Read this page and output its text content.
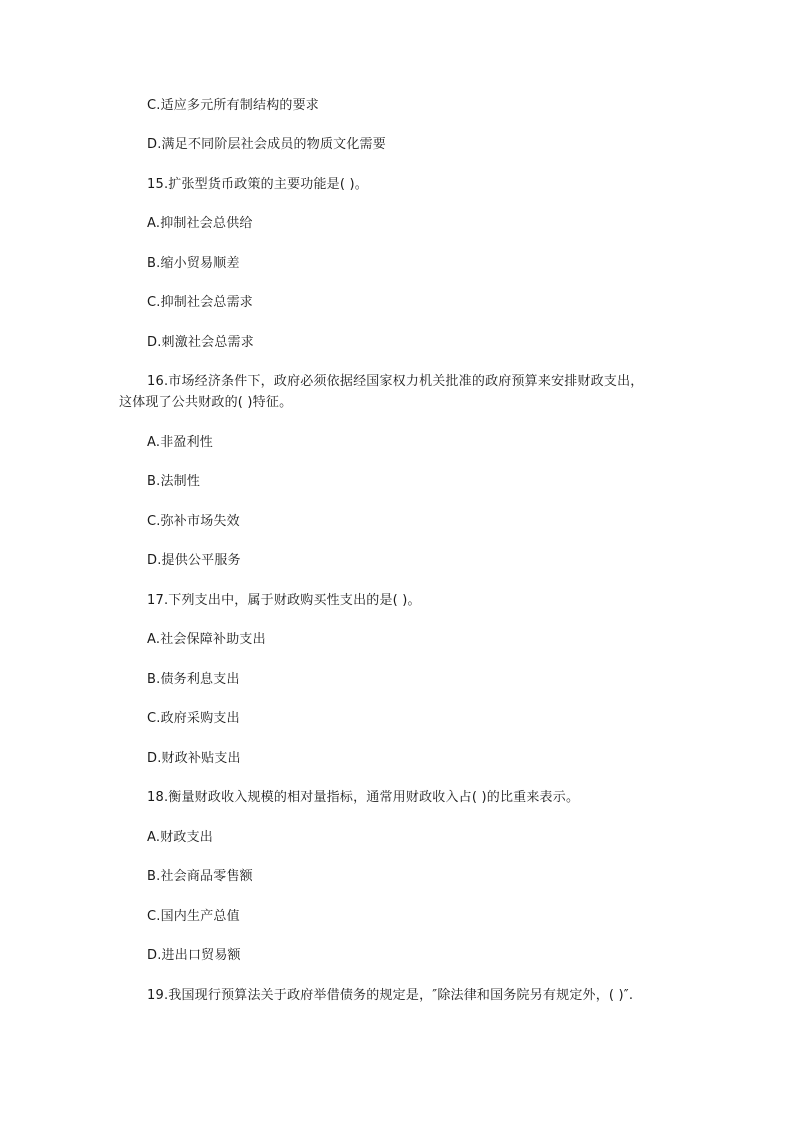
C.适应多元所有制结构的要求
D.满足不同阶层社会成员的物质文化需要
15.扩张型货币政策的主要功能是( )。
A.抑制社会总供给
B.缩小贸易顺差
C.抑制社会总需求
D.刺激社会总需求
16.市场经济条件下，政府必须依据经国家权力机关批准的政府预算来安排财政支出，
这体现了公共财政的( )特征。
A.非盈利性
B.法制性
C.弥补市场失效
D.提供公平服务
17.下列支出中，属于财政购买性支出的是( )。
A.社会保障补助支出
B.债务利息支出
C.政府采购支出
D.财政补贴支出
18.衡量财政收入规模的相对量指标，通常用财政收入占( )的比重来表示。
A.财政支出
B.社会商品零售额
C.国内生产总值
D.进出口贸易额
19.我国现行预算法关于政府举借债务的规定是，″除法律和国务院另有规定外，( )″.
